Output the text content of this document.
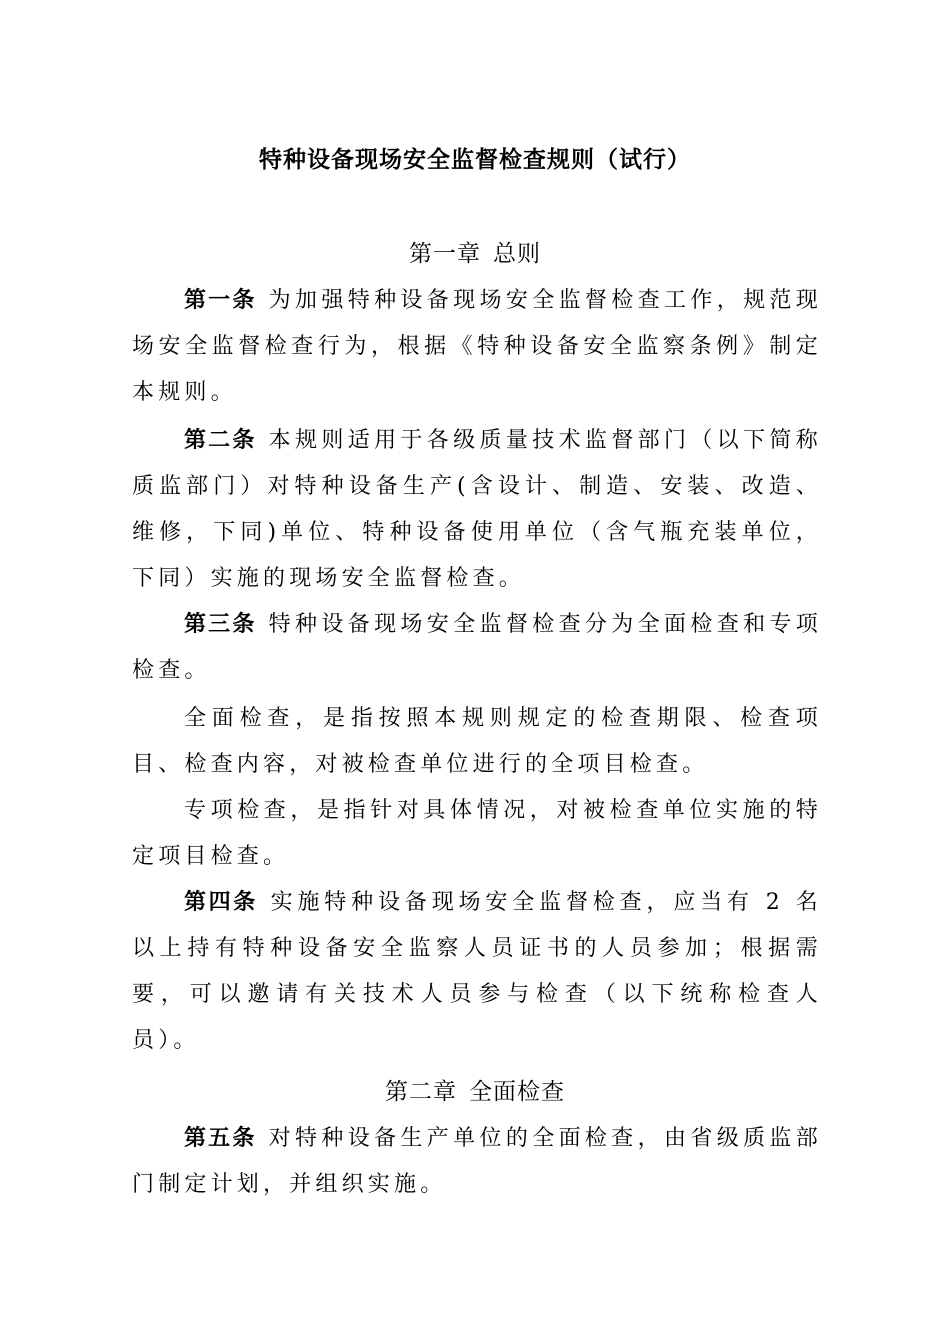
特种设备现场安全监督检查规则（试行）
第一章 总则
第一条 为加强特种设备现场安全监督检查工作，规范现场安全监督检查行为，根据《特种设备安全监察条例》制定本规则。
第二条 本规则适用于各级质量技术监督部门（以下简称质监部门）对特种设备生产(含设计、制造、安装、改造、维修，下同)单位、特种设备使用单位（含气瓶充装单位，下同）实施的现场安全监督检查。
第三条 特种设备现场安全监督检查分为全面检查和专项检查。
全面检查，是指按照本规则规定的检查期限、检查项目、检查内容，对被检查单位进行的全项目检查。
专项检查，是指针对具体情况，对被检查单位实施的特定项目检查。
第四条 实施特种设备现场安全监督检查，应当有 2 名以上持有特种设备安全监察人员证书的人员参加；根据需要，可以邀请有关技术人员参与检查（以下统称检查人员）。
第二章 全面检查
第五条 对特种设备生产单位的全面检查，由省级质监部门制定计划，并组织实施。
